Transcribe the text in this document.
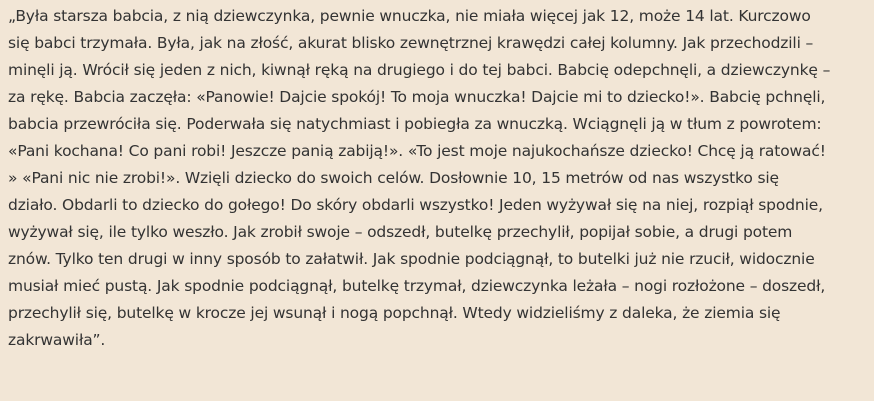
„Była starsza babcia, z nią dziewczynka, pewnie wnuczka, nie miała więcej jak 12, może 14 lat. Kurczowo
się babci trzymała. Była, jak na złość, akurat blisko zewnętrznej krawędzi całej kolumny. Jak przechodzili –
minęli ją. Wrócił się jeden z nich, kiwnął ręką na drugiego i do tej babci. Babcię odepchnęli, a dziewczynkę –
za rękę. Babcia zaczęła: «Panowie! Dajcie spokój! To moja wnuczka! Dajcie mi to dziecko!». Babcię pchnęli,
babcia przewróciła się. Poderwała się natychmiast i pobiegła za wnuczką. Wciągnęli ją w tłum z powrotem:
«Pani kochana! Co pani robi! Jeszcze panią zabiją!». «To jest moje najukochańsze dziecko! Chcę ją ratować!
» «Pani nic nie zrobi!». Wzięli dziecko do swoich celów. Dosłownie 10, 15 metrów od nas wszystko się
działo. Obdarli to dziecko do gołego! Do skóry obdarli wszystko! Jeden wyżywał się na niej, rozpiął spodnie,
wyżywał się, ile tylko weszło. Jak zrobił swoje – odszedł, butelkę przechylił, popijał sobie, a drugi potem
znów. Tylko ten drugi w inny sposób to załatwił. Jak spodnie podciągnął, to butelki już nie rzucił, widocznie
musiał mieć pustą. Jak spodnie podciągnął, butelkę trzymał, dziewczynka leżała – nogi rozłożone – doszedł,
przechylił się, butelkę w krocze jej wsunął i nogą popchnął. Wtedy widzieliśmy z daleka, że ziemia się
zakrwawiła”.
